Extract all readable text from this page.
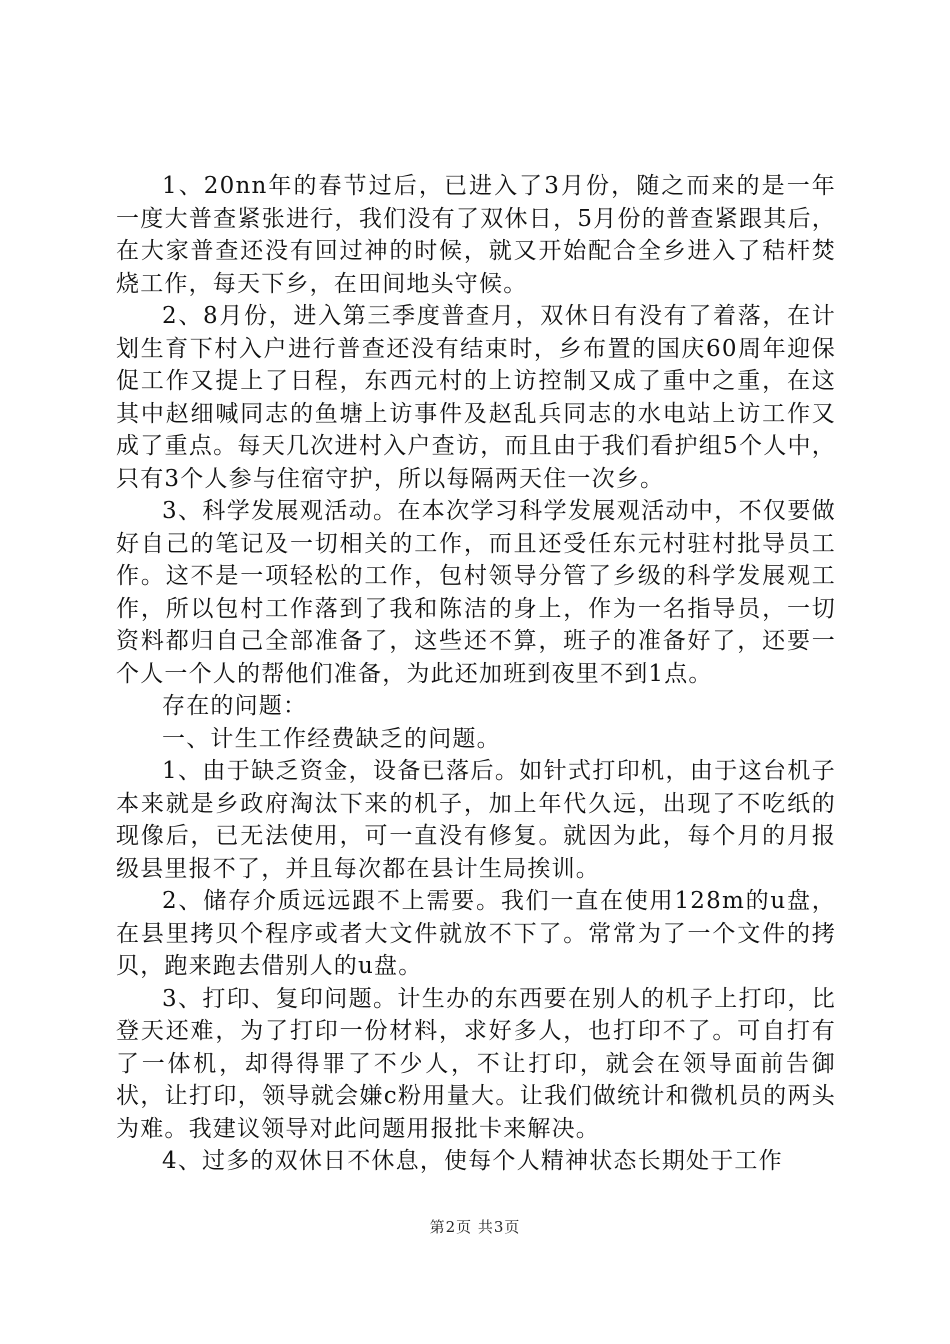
1、20nn年的春节过后，已进入了3月份，随之而来的是一年一度大普查紧张进行，我们没有了双休日，5月份的普查紧跟其后，在大家普查还没有回过神的时候，就又开始配合全乡进入了秸杆焚烧工作，每天下乡，在田间地头守候。

2、8月份，进入第三季度普查月，双休日有没有了着落，在计划生育下村入户进行普查还没有结束时，乡布置的国庆60周年迎保促工作又提上了日程，东西元村的上访控制又成了重中之重，在这其中赵细喊同志的鱼塘上访事件及赵乱兵同志的水电站上访工作又成了重点。每天几次进村入户查访，而且由于我们看护组5个人中，只有3个人参与住宿守护，所以每隔两天住一次乡。

3、科学发展观活动。在本次学习科学发展观活动中，不仅要做好自己的笔记及一切相关的工作，而且还受任东元村驻村批导员工作。这不是一项轻松的工作，包村领导分管了乡级的科学发展观工作，所以包村工作落到了我和陈洁的身上，作为一名指导员，一切资料都归自己全部准备了，这些还不算，班子的准备好了，还要一个人一个人的帮他们准备，为此还加班到夜里不到1点。

存在的问题：

一、计生工作经费缺乏的问题。

1、由于缺乏资金，设备已落后。如针式打印机，由于这台机子本来就是乡政府淘汰下来的机子，加上年代久远，出现了不吃纸的现像后，已无法使用，可一直没有修复。就因为此，每个月的月报级县里报不了，并且每次都在县计生局挨训。

2、储存介质远远跟不上需要。我们一直在使用128m的u盘，在县里拷贝个程序或者大文件就放不下了。常常为了一个文件的拷贝，跑来跑去借别人的u盘。

3、打印、复印问题。计生办的东西要在别人的机子上打印，比登天还难，为了打印一份材料，求好多人，也打印不了。可自打有了一体机，却得得罪了不少人，不让打印，就会在领导面前告御状，让打印，领导就会嫌c粉用量大。让我们做统计和微机员的两头为难。我建议领导对此问题用报批卡来解决。

4、过多的双休日不休息，使每个人精神状态长期处于工作

第2页 共3页
